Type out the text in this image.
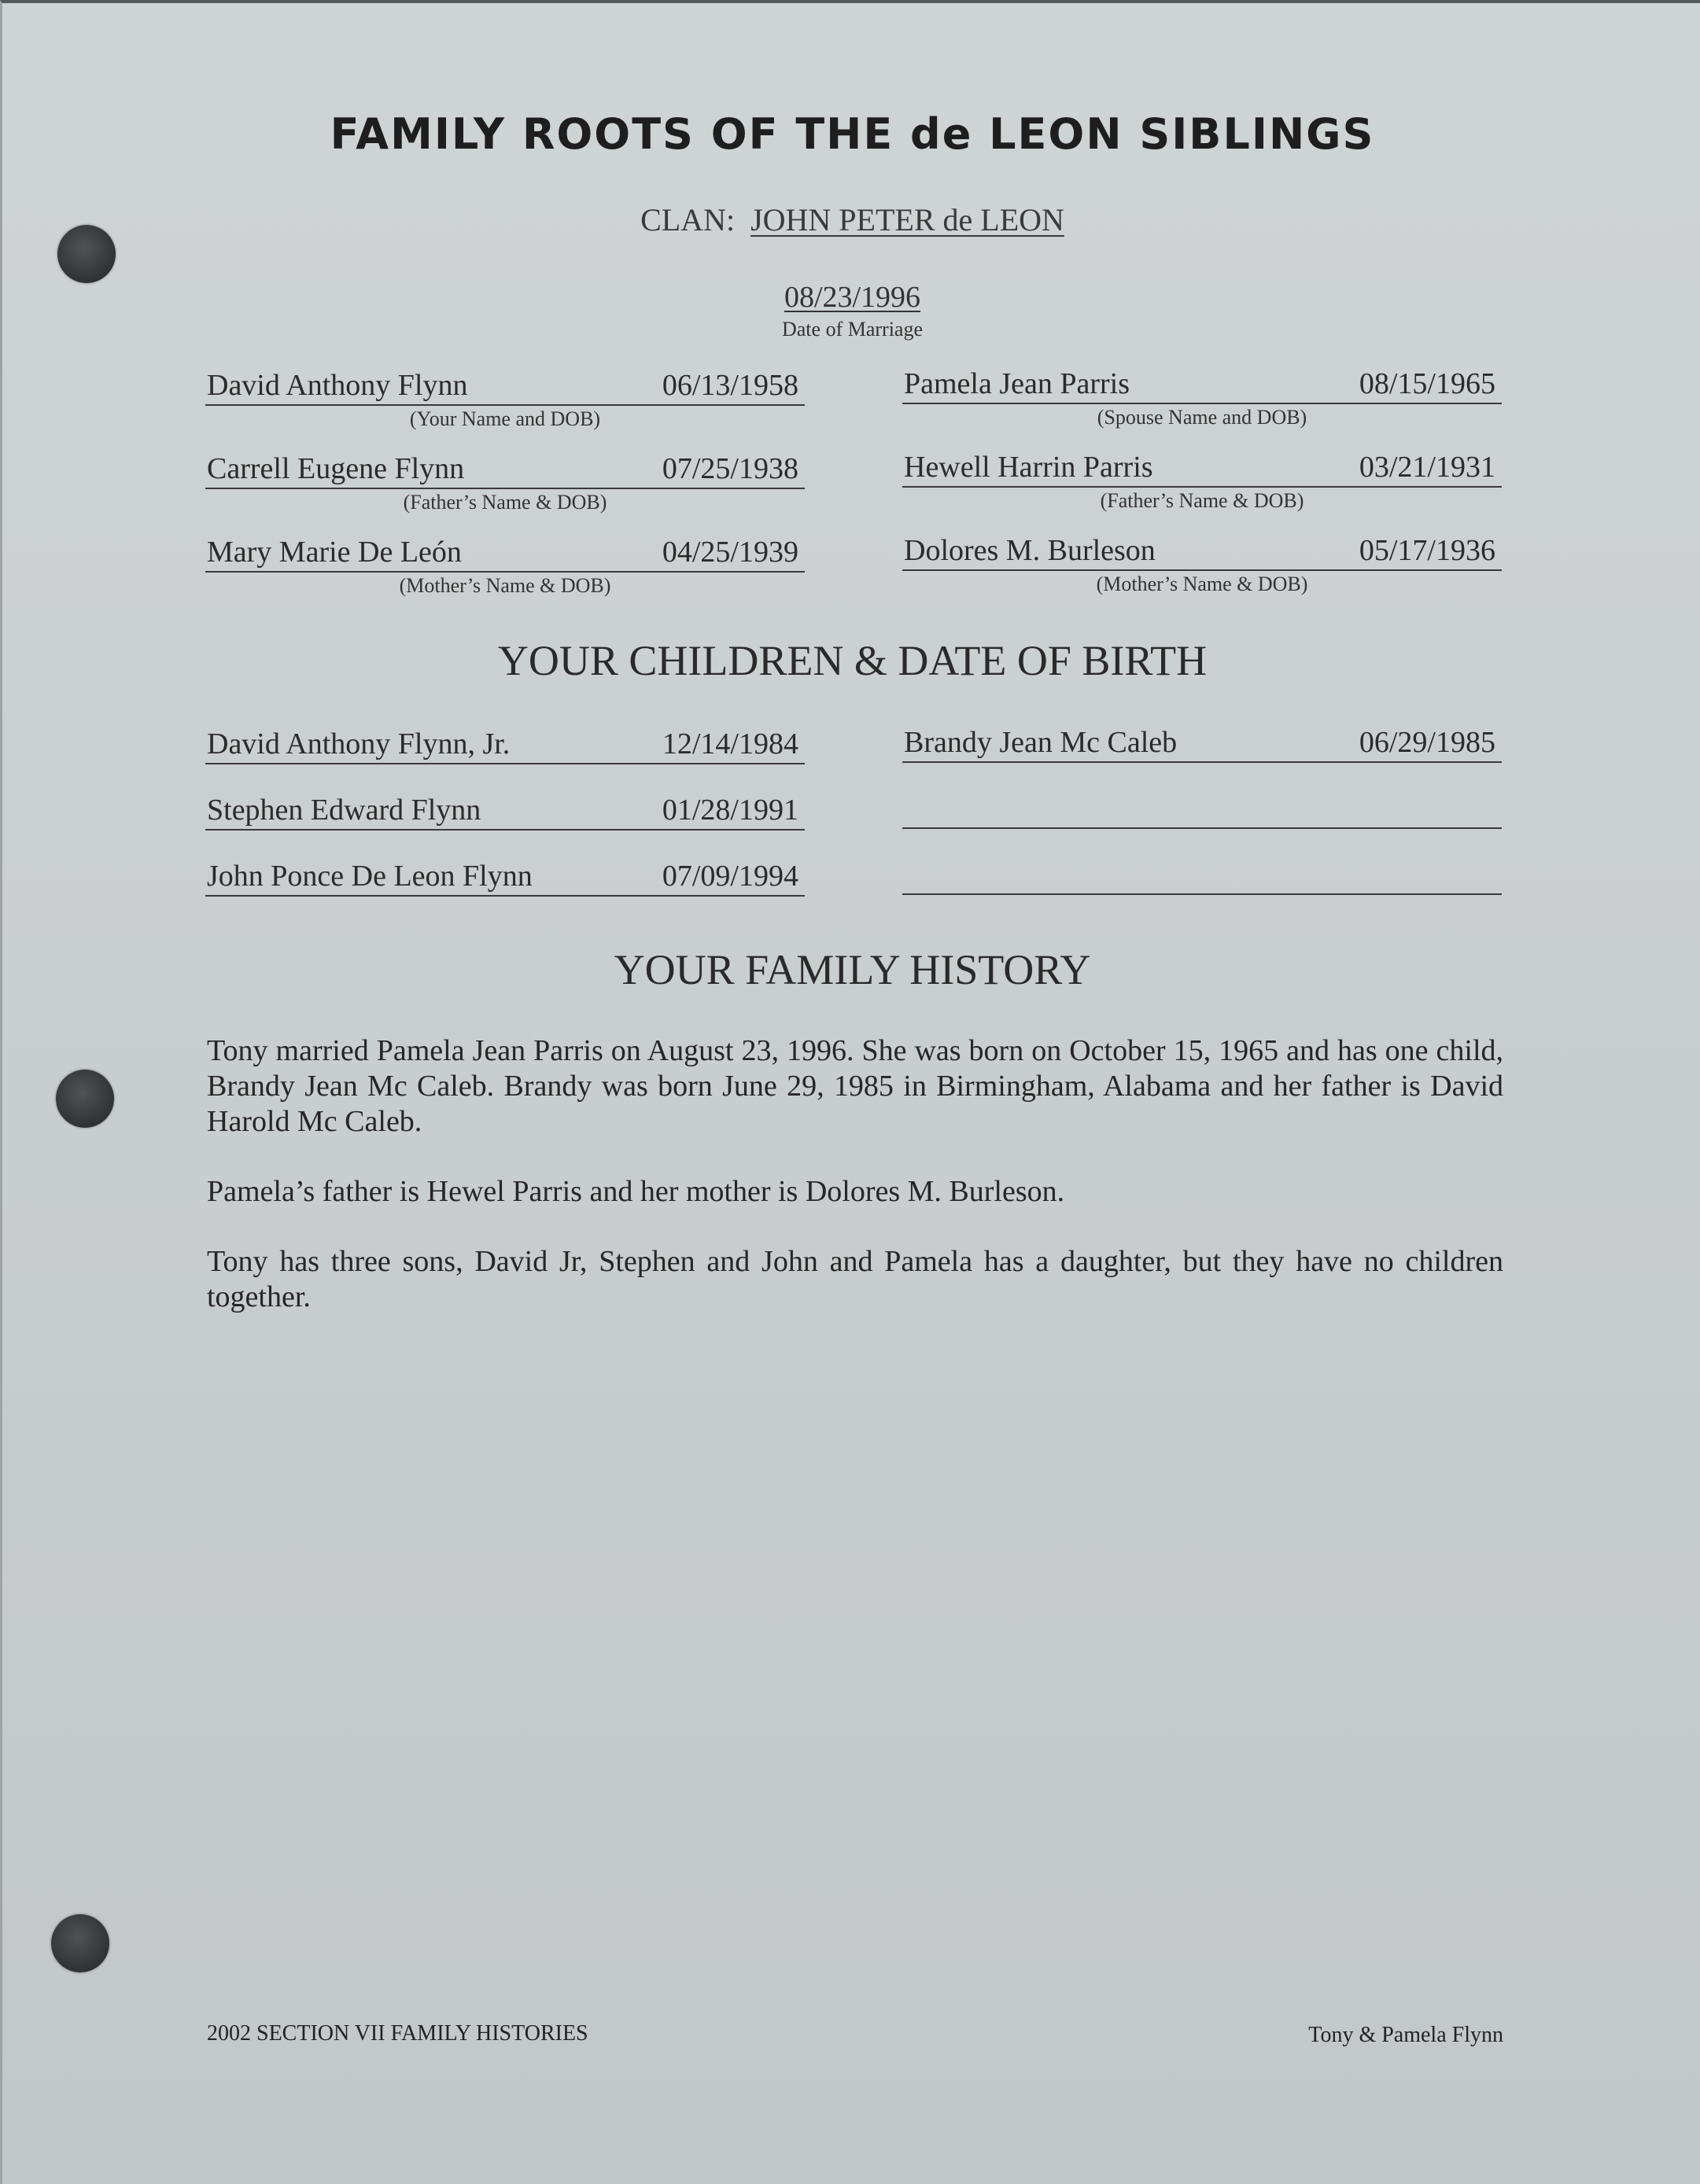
FAMILY ROOTS OF THE de LEON SIBLINGS
CLAN: JOHN PETER de LEON
08/23/1996
Date of Marriage
David Anthony Flynn	06/13/1958
(Your Name and DOB)
Carrell Eugene Flynn	07/25/1938
(Father’s Name & DOB)
Mary Marie De León	04/25/1939
(Mother’s Name & DOB)
Pamela Jean Parris	08/15/1965
(Spouse Name and DOB)
Hewell Harrin Parris	03/21/1931
(Father’s Name & DOB)
Dolores M. Burleson	05/17/1936
(Mother’s Name & DOB)
YOUR CHILDREN & DATE OF BIRTH
David Anthony Flynn, Jr.	12/14/1984
Stephen Edward Flynn	01/28/1991
John Ponce De Leon Flynn	07/09/1994
Brandy Jean Mc Caleb	06/29/1985
YOUR FAMILY HISTORY

Tony married Pamela Jean Parris on August 23, 1996. She was born on October 15, 1965 and has one child, Brandy Jean Mc Caleb. Brandy was born June 29, 1985 in Birmingham, Alabama and her father is David Harold Mc Caleb.

Pamela’s father is Hewel Parris and her mother is Dolores M. Burleson.

Tony has three sons, David Jr, Stephen and John and Pamela has a daughter, but they have no children together.

2002 SECTION VII FAMILY HISTORIES	Tony & Pamela Flynn
